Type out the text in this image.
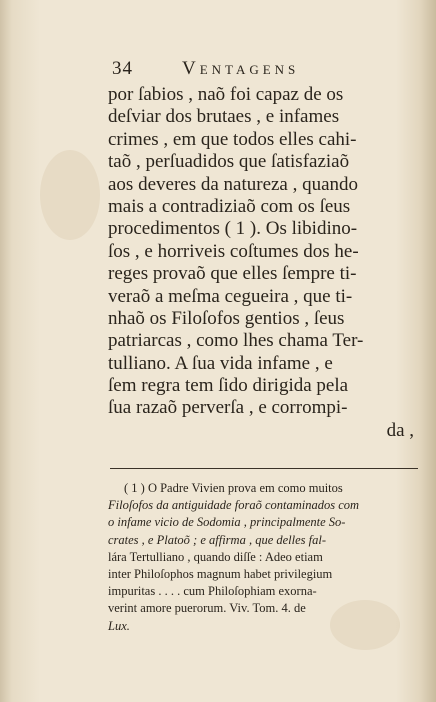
34	Ventagens
por ſabios , naõ foi capaz de os
deſviar dos brutaes , e infames
crimes , em que todos elles cahi-
taõ , perſuadidos que ſatisfaziaõ
aos deveres da natureza , quando
mais a contradiziaõ com os ſeus
procedimentos ( 1 ). Os libidino-
ſos , e horriveis coſtumes dos he-
reges provaõ que elles ſempre ti-
veraõ a meſma cegueira , que ti-
nhaõ os Filoſofos gentios , ſeus
patriarcas , como lhes chama Ter-
tulliano. A ſua vida infame , e
ſem regra tem ſido dirigida pela
ſua razaõ perverſa , e corrompi-
da ,
( 1 ) O Padre Vivien prova em como muitos
Filoſofos da antiguidade foraõ contaminados com
o infame vicio de Sodomia , principalmente So-
crates , e Platoõ ; e affirma , que delles fal-
lára Tertulliano , quando diſſe : Adeo etiam
inter Philoſophos magnum habet privilegium
impuritas . . . . cum Philoſophiam exorna-
verint amore puerorum. Viv. Tom. 4. de
Lux.
